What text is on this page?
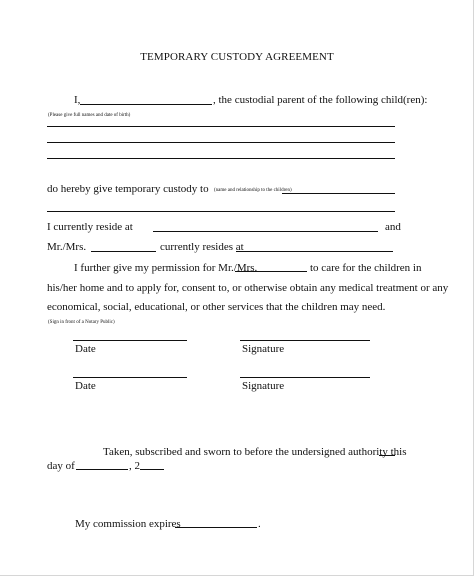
TEMPORARY CUSTODY AGREEMENT
I,	, the custodial parent of the following child(ren):
(Please give full names and date of birth)
do hereby give temporary custody to (name and relationship to the children)
I currently reside at	and
Mr./Mrs.	currently resides at
I further give my permission for Mr./Mrs.	to care for the children in
his/her home and to apply for, consent to, or otherwise obtain any medical treatment or any
economical, social, educational, or other services that the children may need.
(Sign in front of a Notary Public)
Date	Signature
Date	Signature
Taken, subscribed and sworn to before the undersigned authority this
day of	, 2
My commission expires	.
